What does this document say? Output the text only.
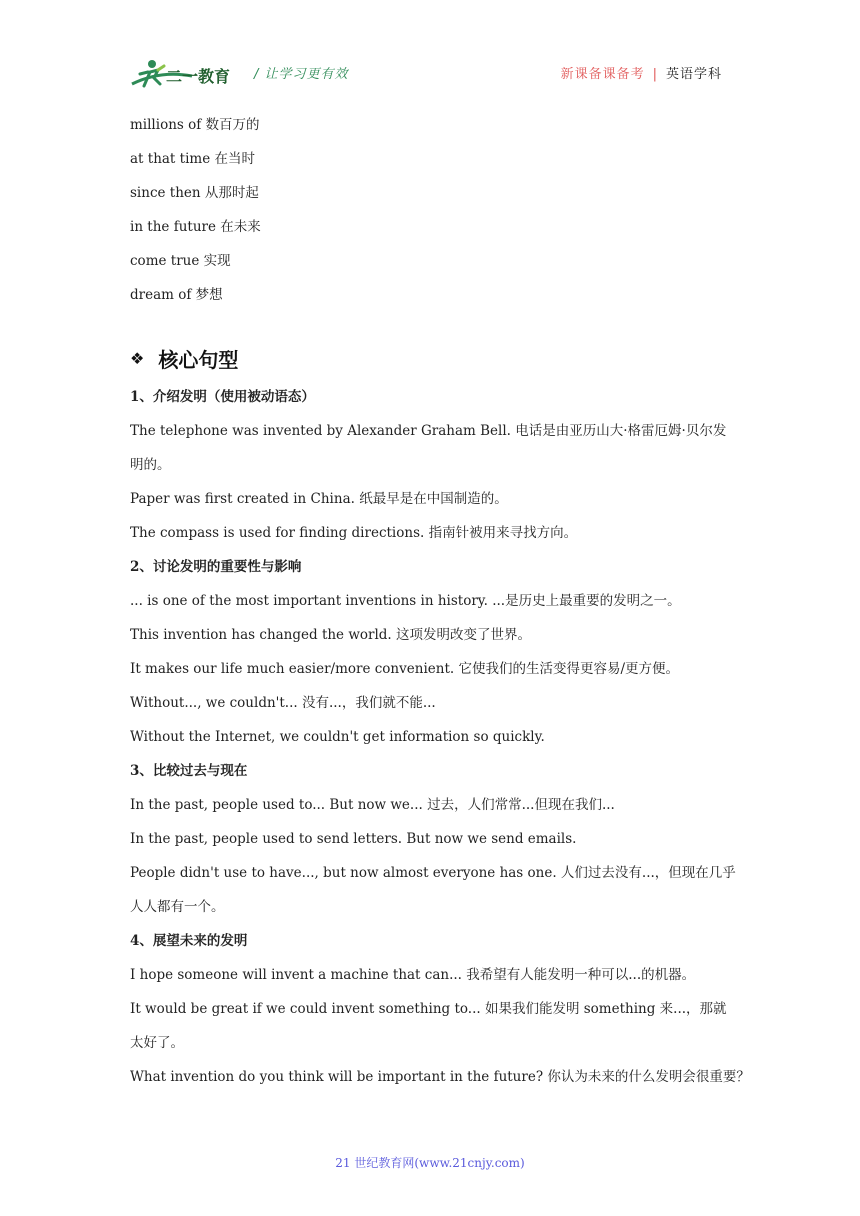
二一教育 / 让学习更有效	新课备课备考 | 英语学科
millions of 数百万的
at that time 在当时
since then 从那时起
in the future 在未来
come true 实现
dream of 梦想
❖ 核心句型
1、介绍发明（使用被动语态）
The telephone was invented by Alexander Graham Bell. 电话是由亚历山大·格雷厄姆·贝尔发明的。
Paper was first created in China. 纸最早是在中国制造的。
The compass is used for finding directions. 指南针被用来寻找方向。
2、讨论发明的重要性与影响
... is one of the most important inventions in history. ...是历史上最重要的发明之一。
This invention has changed the world. 这项发明改变了世界。
It makes our life much easier/more convenient. 它使我们的生活变得更容易/更方便。
Without..., we couldn't... 没有...，我们就不能...
Without the Internet, we couldn't get information so quickly.
3、比较过去与现在
In the past, people used to... But now we... 过去，人们常常...但现在我们...
In the past, people used to send letters. But now we send emails.
People didn't use to have..., but now almost everyone has one. 人们过去没有...，但现在几乎人人都有一个。
4、展望未来的发明
I hope someone will invent a machine that can... 我希望有人能发明一种可以...的机器。
It would be great if we could invent something to... 如果我们能发明 something 来...，那就太好了。
What invention do you think will be important in the future? 你认为未来的什么发明会很重要？
21 世纪教育网(www.21cnjy.com)
